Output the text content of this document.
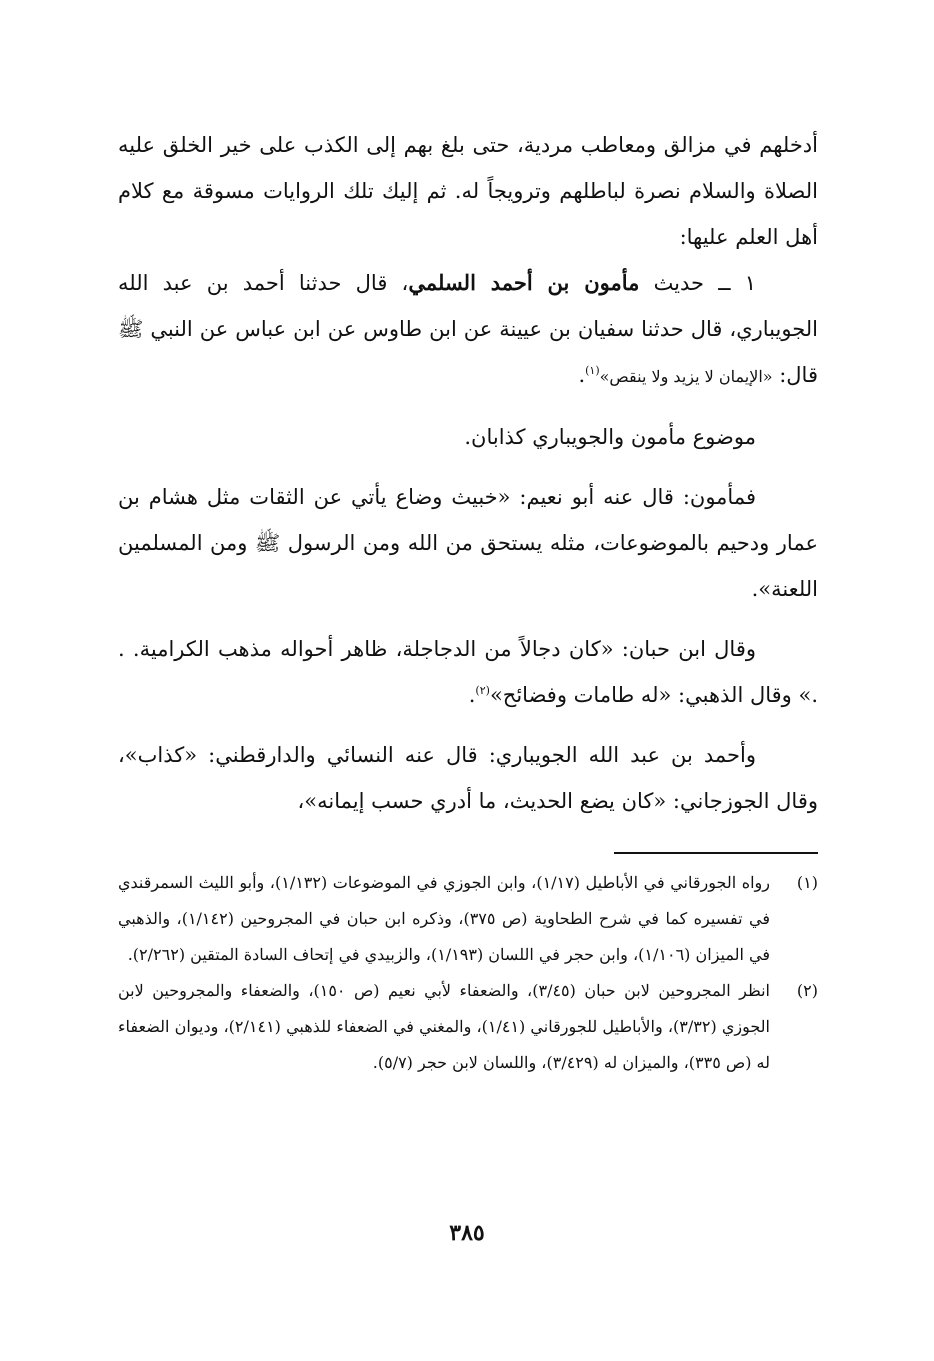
أدخلهم في مزالق ومعاطب مردية، حتى بلغ بهم إلى الكذب على خير الخلق عليه الصلاة والسلام نصرة لباطلهم وترويجاً له. ثم إليك تلك الروايات مسوقة مع كلام أهل العلم عليها:

١ ــ حديث مأمون بن أحمد السلمي، قال حدثنا أحمد بن عبد الله الجويباري، قال حدثنا سفيان بن عيينة عن ابن طاوس عن ابن عباس عن النبي ﷺ قال: «الإيمان لا يزيد ولا ينقص»$^{(١)}$.

موضوع مأمون والجويباري كذابان.

فمأمون: قال عنه أبو نعيم: «خبيث وضاع يأتي عن الثقات مثل هشام بن عمار ودحيم بالموضوعات، مثله يستحق من الله ومن الرسول ﷺ ومن المسلمين اللعنة».

وقال ابن حبان: «كان دجالاً من الدجاجلة، ظاهر أحواله مذهب الكرامية. . .» وقال الذهبي: «له طامات وفضائح»$^{(٢)}$.

وأحمد بن عبد الله الجويباري: قال عنه النسائي والدارقطني: «كذاب»، وقال الجوزجاني: «كان يضع الحديث، ما أدري حسب إيمانه»،

(١)
رواه الجورقاني في الأباطيل (١/١٧)، وابن الجوزي في الموضوعات (١/١٣٢)، وأبو الليث السمرقندي في تفسيره كما في شرح الطحاوية (ص ٣٧٥)، وذكره ابن حبان في المجروحين (١/١٤٢)، والذهبي في الميزان (١/١٠٦)، وابن حجر في اللسان (١/١٩٣)، والزبيدي في إتحاف السادة المتقين (٢/٢٦٢).
(٢)
انظر المجروحين لابن حبان (٣/٤٥)، والضعفاء لأبي نعيم (ص ١٥٠)، والضعفاء والمجروحين لابن الجوزي (٣/٣٢)، والأباطيل للجورقاني (١/٤١)، والمغني في الضعفاء للذهبي (٢/١٤١)، وديوان الضعفاء له (ص ٣٣٥)، والميزان له (٣/٤٢٩)، واللسان لابن حجر (٥/٧).
٣٨٥
